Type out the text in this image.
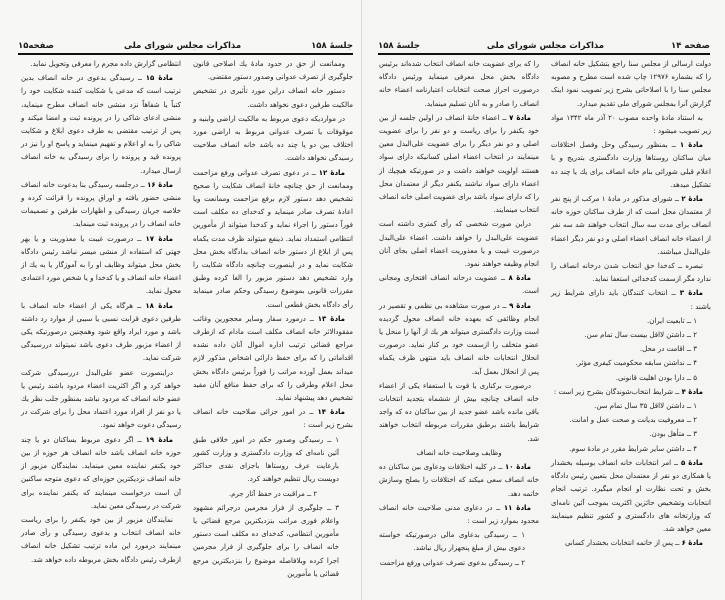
جلسهٔ ۱۵۸
مذاکرات مجلس شورای ملی
صفحه۱۵

ومماتعت از حق در حدود مادهٔ یك اصلاحی قانون جلوگیری از تصرف عدوانی وصدور دستور مقتضی.

دستور خانه انصاف دراین مورد تأثیری در تشخیص مالکیت طرفین دعوی نخواهد داشت.

در مواردیکه دعوی مربوط به مالکیت اراضی وابنیه و موقوفات یا تصرف عدوانی مربوط به اراضی مورد اختلاف بین دو یا چند ده باشد خانه انصاف صلاحیت رسیدگی نخواهد داشت.

مادهٔ ۱۲ ــ در دعوی تصرف عدوانی ورفع مزاحمت وممانعت از حق چنانچه خانهٔ انصاف شکایت را صحیح تشخیص دهد دستور لازم برفع مزاحمت وممانعت ویا اعادهٔ تصرف صادر مینماید و کدخدای ده مکلف است فوراً دستور را اجراء نماید و کدخدا میتواند از مأمورین انتظامی استمداد نماید. ذینفع میتواند ظرف مدت یکماه پس از ابلاغ از دستور خانه انصاف بدادگاه بخش محل شکایت نماید و در اینصورت چنانچه دادگاه شکایت را وارد تشخیص دهد دستور مزبور را الغا کرده وطبق مقررات قانونی بموضوع رسیدگی وحکم صادر مینماید رأی دادگاه بخش قطعی است.

مادهٔ ۱۳ ــ درمورد سفار وسایر محجورین وغائب مفقودالاثر خانه انصاف مکلف است مادام که ازطرف مراجع قضائی ترتیب اداره اموال آنان داده نشده اقداماتی را که برای حفظ دارائی اشخاص مذکور لازم میداند بعمل آورده مراتب را فوراً برئیس دادگاه بخش محل اعلام وطرقی را که برای حفظ منافع آنان مفید تشخیص دهد پیشنهاد نماید.

مادهٔ ۱۴ ــ در امور جزائی صلاحیت خانه انصاف بشرح زیر است :

۱ ــ رسیدگی وصدور حکم در امور خلافی طبق آئین نامه‌ای که وزارت دادگستری و وزارت کشور بارعایت عرف روستاها باجزای نقدی حداکثر دویست ریال تنظیم خواهند کرد.

۲ ــ مراقبت در حفظ آثار جرم.

۳ ــ جلوگیری از فرار مجرمین درجرائم مشهود واعلام فوری مراتب بنزدیکترین مرجع قضائی یا مأمورین انتظامی، کدخدای ده مکلف است دستور خانه انصاف را برای جلوگیری از فرار مجرمین اجرا کرده وبلافاصله موضوع را بنزدیکترین مرجع قضائی یا مأمورین

انتظامی گزارش داده مجرم را معرفی وتحویل نماید.

مادهٔ ۱۵ ــ رسیدگی بدعوی در خانه انصاف بدین ترتیب است که مدعی یا شکایت کننده شکایت خود را کتباً یا شفاهاً نزد منشی خانه انصاف مطرح مینماید، منشی ادعای شاکی را در پرونده ثبت و امضا میکند و پس از ترتیب مقتضی به طرف دعوی ابلاغ و شکایت شاکی را به او اعلام و تفهیم مینماید و پاسخ او را نیز در پرونده قید و پرونده را برای رسیدگی به خانه انصاف ارسال میدارد.

مادهٔ ۱۶ ــ درجلسه رسیدگی بنا بدعوت خانه انصاف منشی حضور یافته و اوراق پرونده را قرائت کرده و خلاصه جریان رسیدگی و اظهارات طرفین و تصمیمات خانه انصاف را در پرونده ثبت مینماید.

مادهٔ ۱۷ ــ درصورت غیبت یا معذوریت و یا بهر جهتی که استفاده از منشی میسر نباشد رئیس دادگاه بخش محل میتواند وظایف او را به آموزگار یا به یك از اعضاء خانه انصاف و یا کدخدا و یا شخص مورد اعتمادی محول نماید.

مادهٔ ۱۸ ــ هرگاه یکی از اعضاء خانه انصاف با طرفین دعوی قرابت نسبی یا سببی از موارد رد داشته باشد و مورد ایراد واقع شود وهمچنین درصورتیکه یکی از اعضاء مزبور طرف دعوی باشد نمیتواند دررسیدگی شرکت نماید.

دراینصورت عضو علی‌البدل دررسیدگی شرکت خواهد کرد و اگر اکثریت اعضاء مردود باشند رئیس یا عضو خانه انصاف که مردود نباشد بمنظور جلب نظر یك یا دو نفر از افراد مورد اعتماد محل را برای شرکت در رسیدگی دعوت خواهد نمود.

مادهٔ ۱۹ ــ اگر دعوی مربوط بساکنان دو یا چند حوزه خانه انصاف باشد خانه انصاف هر حوزه از بین خود یکنفر نماینده معین مینماید. نمایندگان مزبور از خانه انصاف نزدیکترین حوزه‌ای که دعوی متوجه ساکنین آن است درخواست مینمایند که یکنفر نماینده برای شرکت در رسیدگی معین نماید.

نمایندگان مزبور از بین خود یکنفر را برای ریاست خانه انصاف انتخاب و بدعوی رسیدگی و رأی صادر مینمایند درمورد این ماده ترتیب تشکیل خانه انصاف ازطرف رئیس دادگاه بخش مربوطه داده خواهد شد.

صفحه ۱۴
مذاکرات مجلس شورای ملی
جلسهٔ ۱۵۸

دولت ارسالی از مجلس سنا راجع بتشکیل خانه انصاف را که بشماره ۱۲۹۷۶ چاپ شده است مطرح و مصوبه مجلس سنا را با اصلاحاتی بشرح زیر تصویب نمود اینک گزارش آنرا بمجلس شورای ملی تقدیم میدارد.

به استناد مادهٔ واحده مصوب ۲۰ آذر ماه ۱۳۴۲ مواد زیر تصویب میشود :

مادهٔ ۱ ــ بمنظور رسیدگی وحل وفصل اختلافات میان ساکنان روستاها وزارت دادگستری بتدریج و با اعلام قبلی شورائی بنام خانه انصاف برای یك یا چند ده تشکیل میدهد.

مادهٔ ۲ ــ شورای مذکور در مادهٔ ۱ مرکب از پنج نفر از معتمدان محل است که از طرف ساکنان حوزه خانه انصاف برای مدت سه سال انتخاب خواهند شد سه نفر از اعضاء خانه انصاف اعضاء اصلی و دو نفر دیگر اعضاء علی‌البدل میباشند.

تبصره ــ کدخدا حق انتخاب شدن درخانه انصاف را ندارد مگر ازسمت کدخدائی استعفا نماید.

مادهٔ ۳ ــ انتخاب کنندگان باید دارای شرایط زیر باشند :

۱ ــ تابعیت ایران.

۲ ــ داشتن لااقل بیست سال تمام سن.

۳ ــ اقامت در محل.

۴ ــ نداشتن سابقه محکومیت کیفری مؤثر.

۵ ــ دارا بودن اهلیت قانونی.

مادهٔ ۴ ــ شرایط انتخاب‌شوندگان بشرح زیر است :

۱ ــ داشتن لااقل ۳۵ سال تمام سن.

۲ ــ معروفیت بدیانت و صحت عمل و امانت.

۳ ــ متأهل بودن.

۴ ــ داشتن سایر شرایط مقرر در مادهٔ سوم.

مادهٔ ۵ ــ امر انتخابات خانه انصاف بوسیله بخشدار یا همکاری دو نفر از معتمدان محل بتعیین رئیس دادگاه بخش و تحت نظارت او انجام میگیرد. ترتیب انجام انتخابات وتشخیص حائزین اکثریت بموجب آئین نامه‌ای که وزارتخانه های دادگستری و کشور تنظیم مینمایند معین خواهد شد.

مادهٔ ۶ ــ پس از خاتمه انتخابات بخشدار کسانی

را که برای عضویت خانه انصاف انتخاب شده‌اند برئیس دادگاه بخش محل معرفی مینماید ورئیس دادگاه درصورت احراز صحت انتخابات اعتبارنامه اعضاء خانه انصاف را صادر و به آنان تسلیم مینماید.

مادهٔ ۷ ــ اعضاء خانهٔ انصاف در اولین جلسه از بین خود یکنفر را برای ریاست و دو نفر را برای عضویت اصلی و دو نفر دیگر را برای عضویت علی‌البدل معین مینمایند در انتخاب اعضاء اصلی کسانیکه دارای سواد هستند اولویت خواهند داشت و در صورتیکه هیچیك از اعضاء دارای سواد نباشند یکنفر دیگر از معتمدان محل را که دارای سواد باشد برای عضویت اصلی خانه انصاف انتخاب مینمایند.

دراین صورت شخصی که رأی کمتری داشته است عضویت علی‌البدل را خواهد داشت. اعضاء علی‌البدل درصورت غیبت و یا معذوریت اعضاء اصلی بجای آنان انجام وظیفه خواهند نمود.

مادهٔ ۸ ــ عضویت درخانه انصاف افتخاری ومجانی است.

مادهٔ ۹ ــ در صورت مشاهده بی نظمی و تقصیر در انجام وظائفی که بعهده خانه انصاف محول گردیده است وزارت دادگستری میتواند هر یك از آنها را منحل یا عضو متخلف را ازسمت خود بر کنار نماید. درصورت انحلال انتخابات خانه انصاف باید منتهی ظرف یکماه پس از انحلال بعمل آید.

درصورت برکناری یا فوت یا استعفاء یکی از اعضاء خانه انصاف چنانچه بیش از ششماه بتجدید انتخابات باقی مانده باشد عضو جدید از بین ساکنان ده که واجد شرایط باشند برطبق مقررات مربوطه انتخاب خواهند شد.

وظایف وصلاحیت خانه انصاف

مادهٔ ۱۰ ــ در کلیه اختلافات ودعاوی بین ساکنان ده خانه انصاف سعی میکند که اختلافات را بصلح وسازش خاتمه دهد.

مادهٔ ۱۱ ــ در دعاوی مدنی صلاحیت خانه انصاف محدود بموارد زیر است :

۱ ــ رسیدگی بدعاوی مالی درصورتیکه خواسته دعوی بیش از مبلغ پنجهزار ریال نباشد.

۲ ــ رسیدگی بدعوی تصرف عدوانی ورفع مزاحمت
